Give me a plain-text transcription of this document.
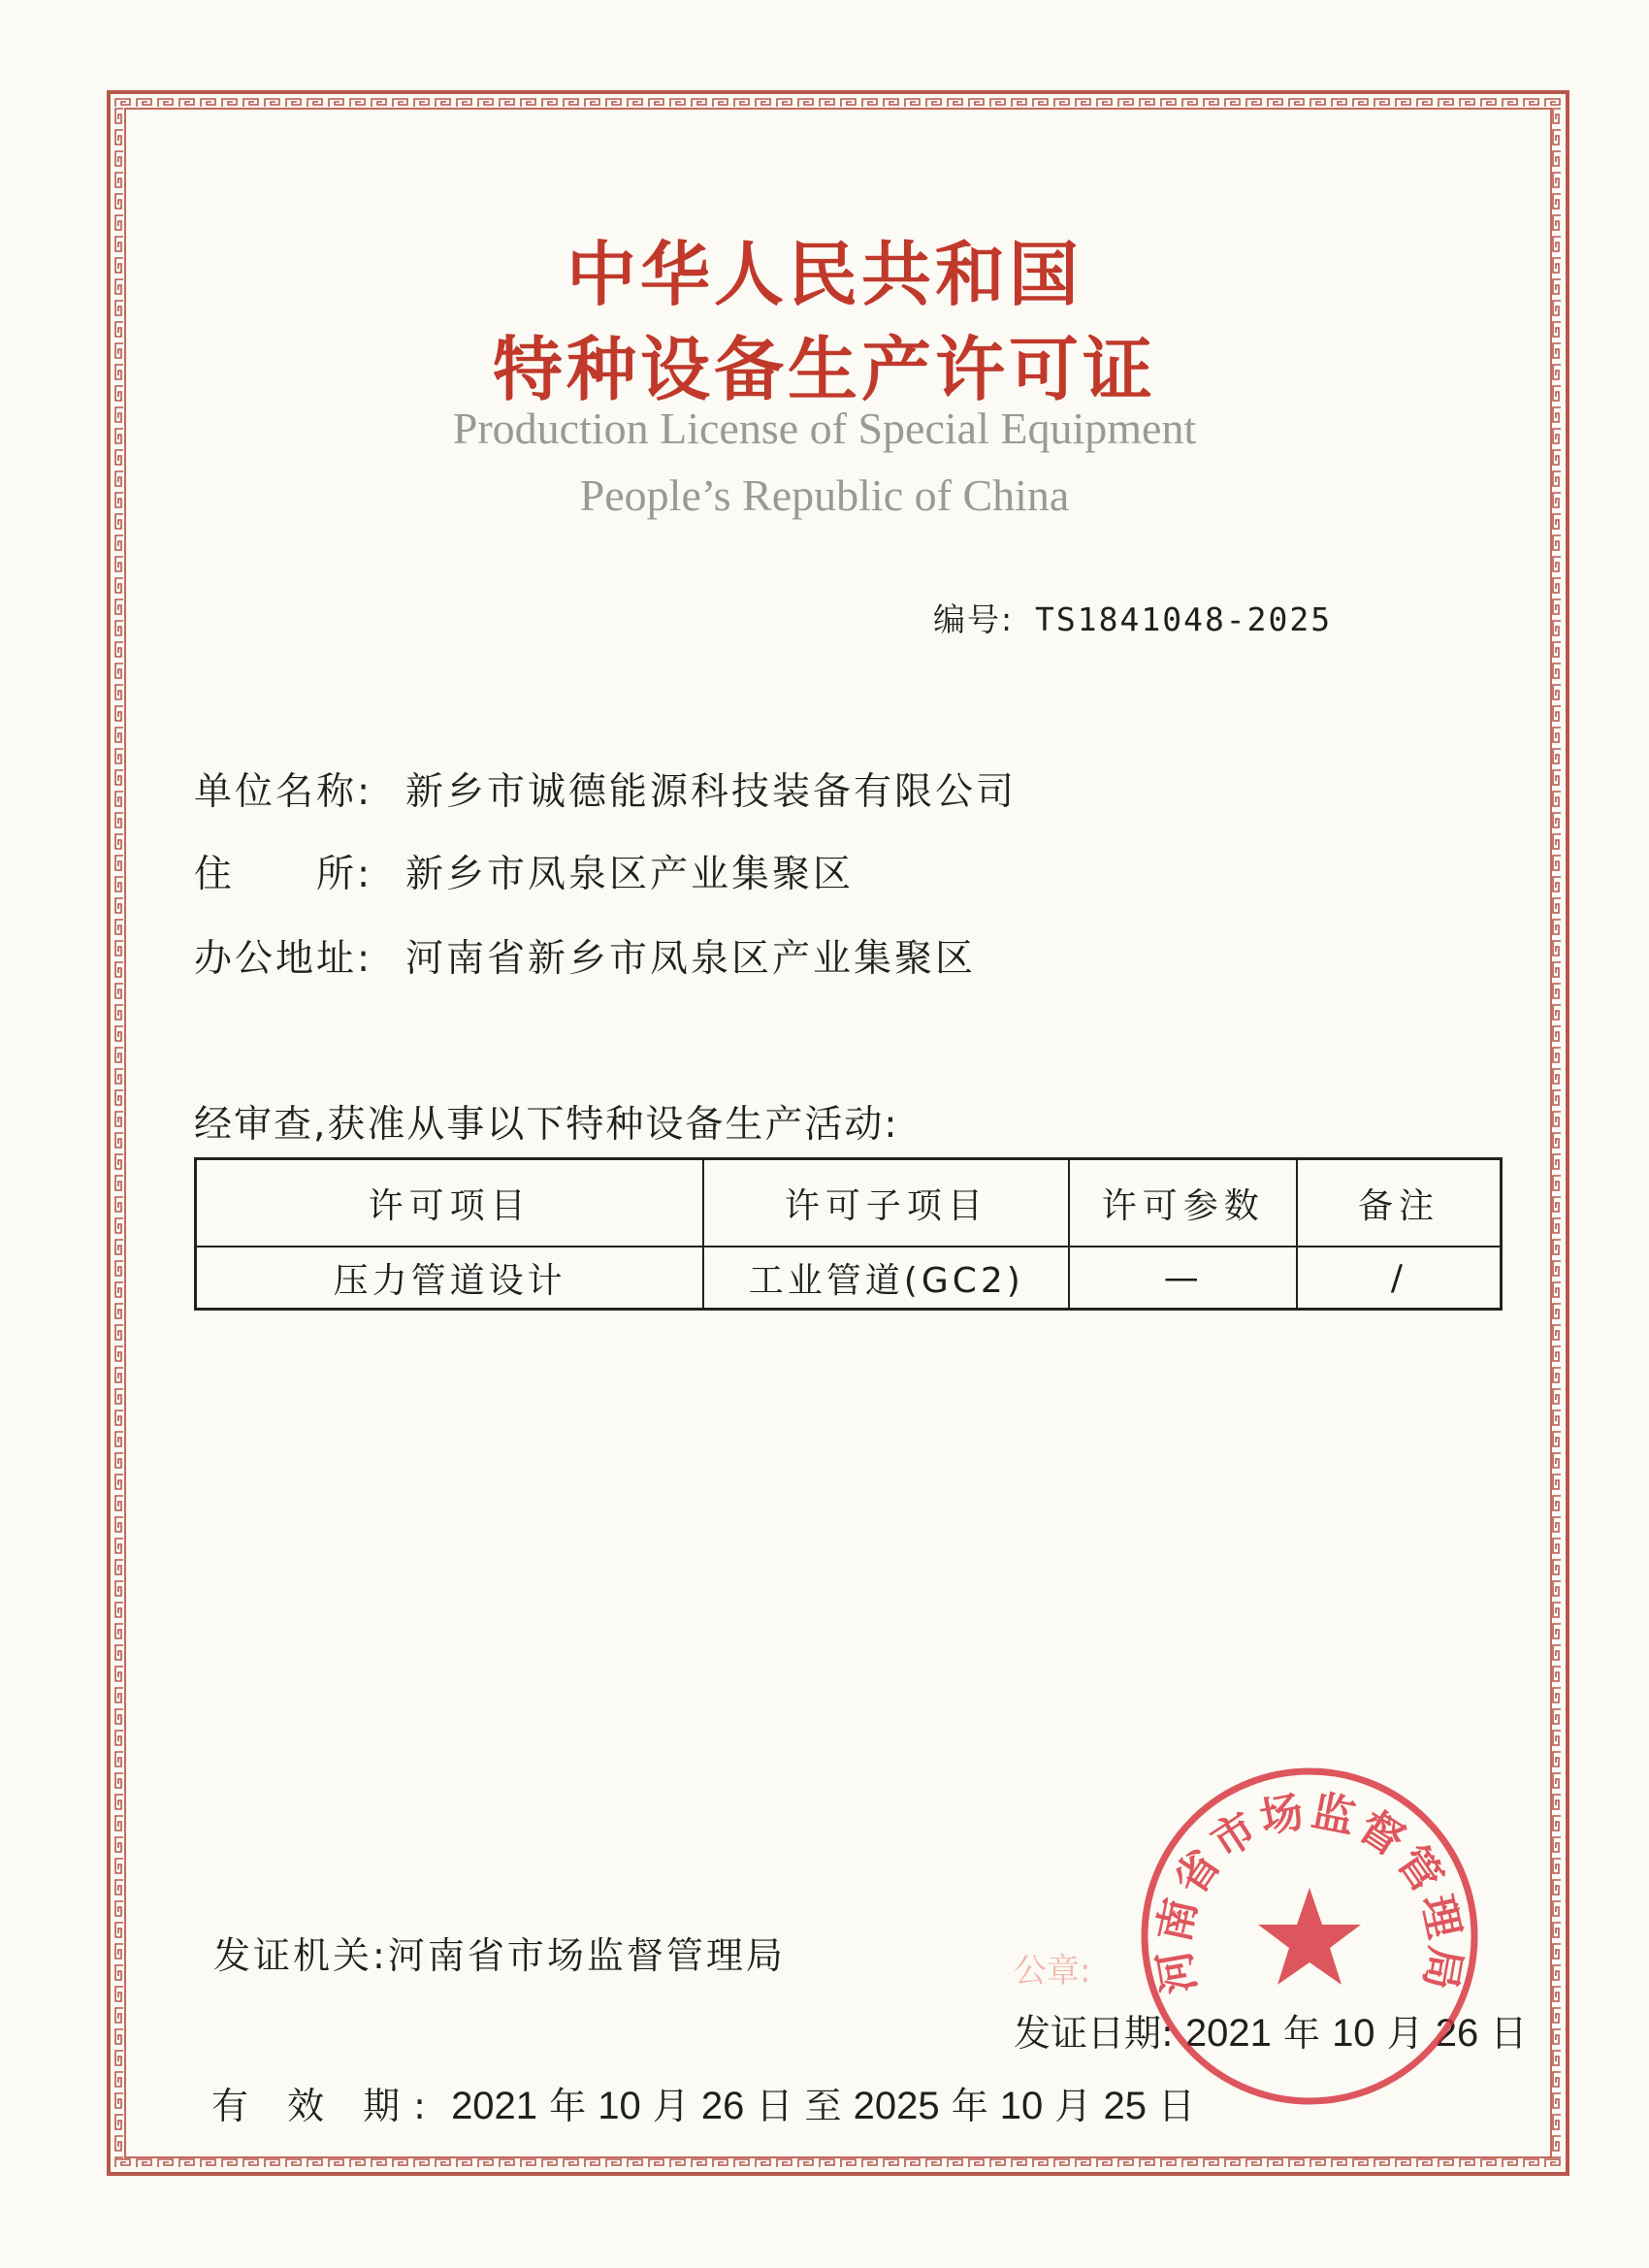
中华人民共和国
特种设备生产许可证
Production License of Special Equipment
People’s Republic of China
编号: TS1841048-2025
单位名称: 新乡市诚德能源科技装备有限公司
住　　所: 新乡市凤泉区产业集聚区
办公地址: 河南省新乡市凤泉区产业集聚区
经审查,获准从事以下特种设备生产活动:
许可项目	许可子项目	许可参数	备注
压力管道设计	工业管道(GC2)	—	/
发证机关:河南省市场监督管理局	公章:
发证日期: 2021 年 10 月 26 日
有 效 期: 2021 年 10 月 26 日 至 2025 年 10 月 25 日
河南省市场监督管理局
